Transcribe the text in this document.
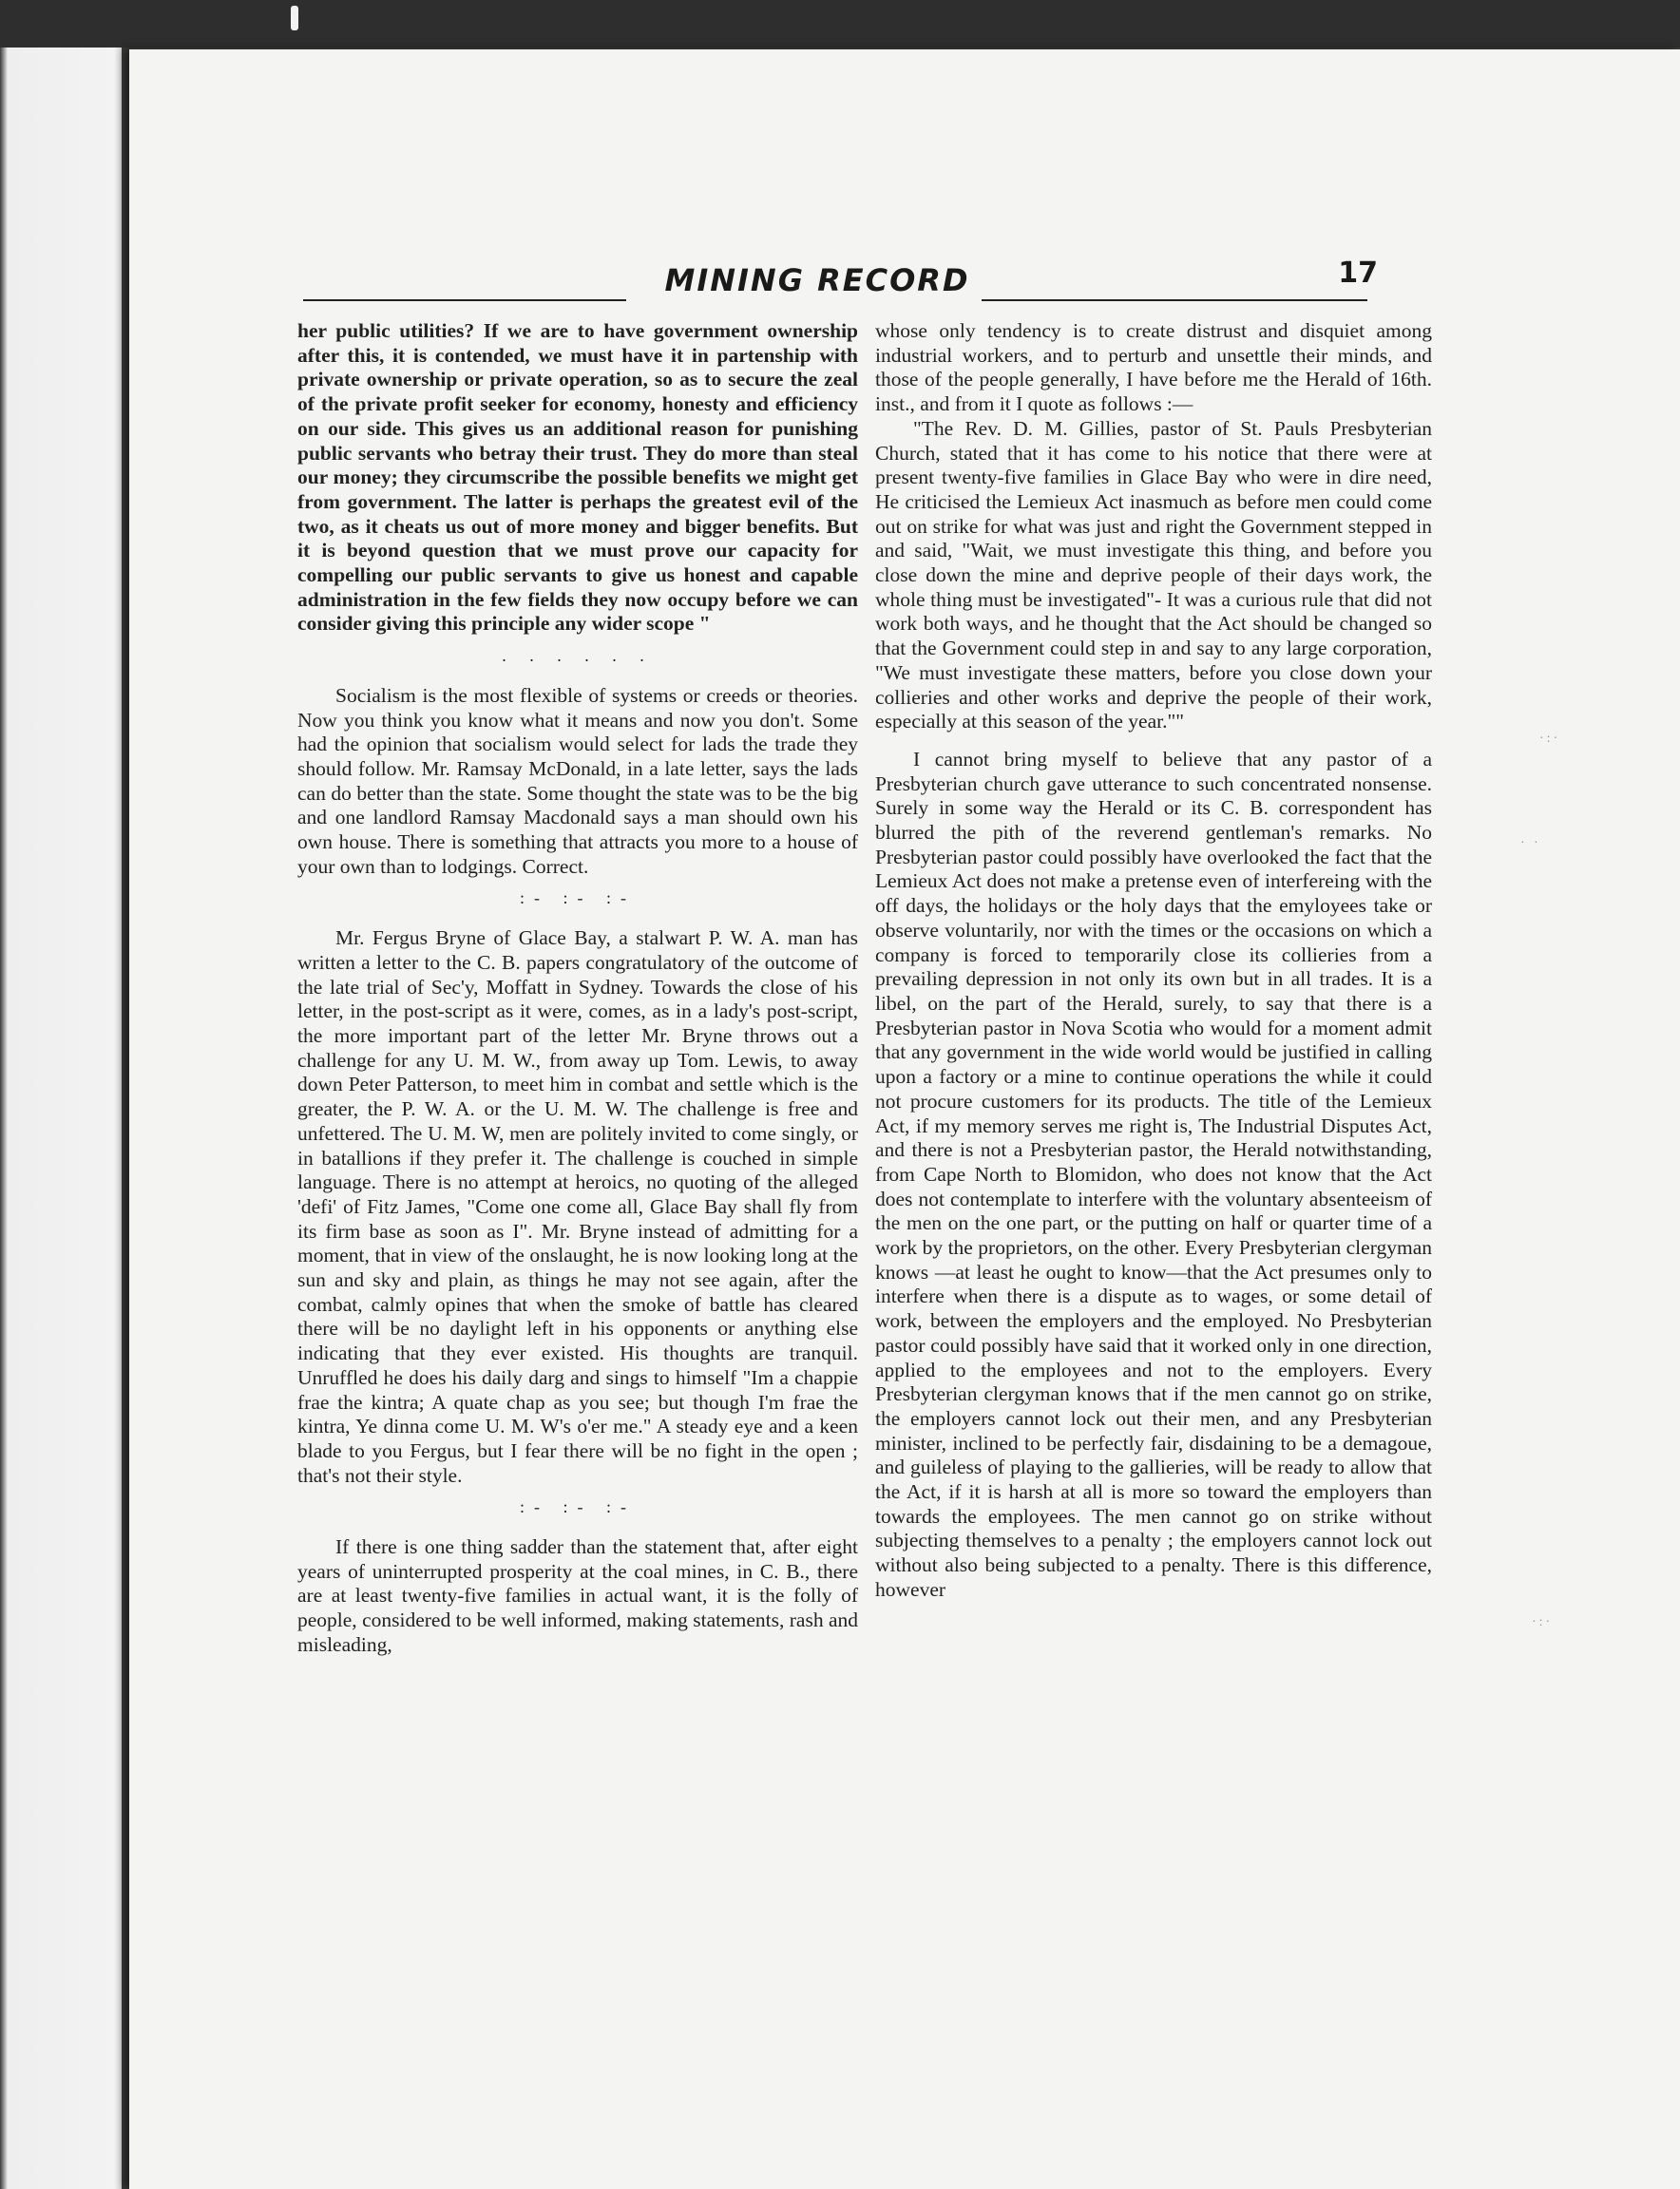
MINING RECORD	17

her public utilities? If we are to have government ownership after this, it is contended, we must have it in partenship with private ownership or private operation, so as to secure the zeal of the private profit seeker for economy, honesty and efficiency on our side. This gives us an additional reason for punishing public servants who betray their trust. They do more than steal our money; they circumscribe the possible benefits we might get from government. The latter is perhaps the greatest evil of the two, as it cheats us out of more money and bigger benefits. But it is beyond question that we must prove our capacity for compelling our public servants to give us honest and capable administration in the few fields they now occupy before we can consider giving this principle any wider scope "

. . . . . .

Socialism is the most flexible of systems or creeds or theories. Now you think you know what it means and now you don't. Some had the opinion that socialism would select for lads the trade they should follow. Mr. Ramsay McDonald, in a late letter, says the lads can do better than the state. Some thought the state was to be the big and one landlord Ramsay Macdonald says a man should own his own house. There is something that attracts you more to a house of your own than to lodgings. Correct.

:- :- :-

Mr. Fergus Bryne of Glace Bay, a stalwart P. W. A. man has written a letter to the C. B. papers congratulatory of the outcome of the late trial of Sec'y, Moffatt in Sydney. Towards the close of his letter, in the post-script as it were, comes, as in a lady's post-script, the more important part of the letter Mr. Bryne throws out a challenge for any U. M. W., from away up Tom. Lewis, to away down Peter Patterson, to meet him in combat and settle which is the greater, the P. W. A. or the U. M. W. The challenge is free and unfettered. The U. M. W, men are politely invited to come singly, or in batallions if they prefer it. The challenge is couched in simple language. There is no attempt at heroics, no quoting of the alleged 'defi' of Fitz James, "Come one come all, Glace Bay shall fly from its firm base as soon as I". Mr. Bryne instead of admitting for a moment, that in view of the onslaught, he is now looking long at the sun and sky and plain, as things he may not see again, after the combat, calmly opines that when the smoke of battle has cleared there will be no daylight left in his opponents or anything else indicating that they ever existed. His thoughts are tranquil. Unruffled he does his daily darg and sings to himself "Im a chappie frae the kintra; A quate chap as you see; but though I'm frae the kintra, Ye dinna come U. M. W's o'er me." A steady eye and a keen blade to you Fergus, but I fear there will be no fight in the open ; that's not their style.

:- :- :-

If there is one thing sadder than the statement that, after eight years of uninterrupted prosperity at the coal mines, in C. B., there are at least twenty-five families in actual want, it is the folly of people, considered to be well informed, making statements, rash and misleading,

whose only tendency is to create distrust and disquiet among industrial workers, and to perturb and unsettle their minds, and those of the people generally, I have before me the Herald of 16th. inst., and from it I quote as follows :—

"The Rev. D. M. Gillies, pastor of St. Pauls Presbyterian Church, stated that it has come to his notice that there were at present twenty-five families in Glace Bay who were in dire need, He criticised the Lemieux Act inasmuch as before men could come out on strike for what was just and right the Government stepped in and said, "Wait, we must investigate this thing, and before you close down the mine and deprive people of their days work, the whole thing must be investigated"- It was a curious rule that did not work both ways, and he thought that the Act should be changed so that the Government could step in and say to any large corporation, "We must investigate these matters, before you close down your collieries and other works and deprive the people of their work, especially at this season of the year.""

I cannot bring myself to believe that any pastor of a Presbyterian church gave utterance to such concentrated nonsense. Surely in some way the Herald or its C. B. correspondent has blurred the pith of the reverend gentleman's remarks. No Presbyterian pastor could possibly have overlooked the fact that the Lemieux Act does not make a pretense even of interfereing with the off days, the holidays or the holy days that the emyloyees take or observe voluntarily, nor with the times or the occasions on which a company is forced to temporarily close its collieries from a prevailing depression in not only its own but in all trades. It is a libel, on the part of the Herald, surely, to say that there is a Presbyterian pastor in Nova Scotia who would for a moment admit that any government in the wide world would be justified in calling upon a factory or a mine to continue operations the while it could not procure customers for its products. The title of the Lemieux Act, if my memory serves me right is, The Industrial Disputes Act, and there is not a Presbyterian pastor, the Herald notwithstanding, from Cape North to Blomidon, who does not know that the Act does not contemplate to interfere with the voluntary absenteeism of the men on the one part, or the putting on half or quarter time of a work by the proprietors, on the other. Every Presbyterian clergyman knows —at least he ought to know—that the Act presumes only to interfere when there is a dispute as to wages, or some detail of work, between the employers and the employed. No Presbyterian pastor could possibly have said that it worked only in one direction, applied to the employees and not to the employers. Every Presbyterian clergyman knows that if the men cannot go on strike, the employers cannot lock out their men, and any Presbyterian minister, inclined to be perfectly fair, disdaining to be a demagoue, and guileless of playing to the gallieries, will be ready to allow that the Act, if it is harsh at all is more so toward the employers than towards the employees. The men cannot go on strike without subjecting themselves to a penalty ; the employers cannot lock out without also being subjected to a penalty. There is this difference, however

·:·
· ·
·:·
